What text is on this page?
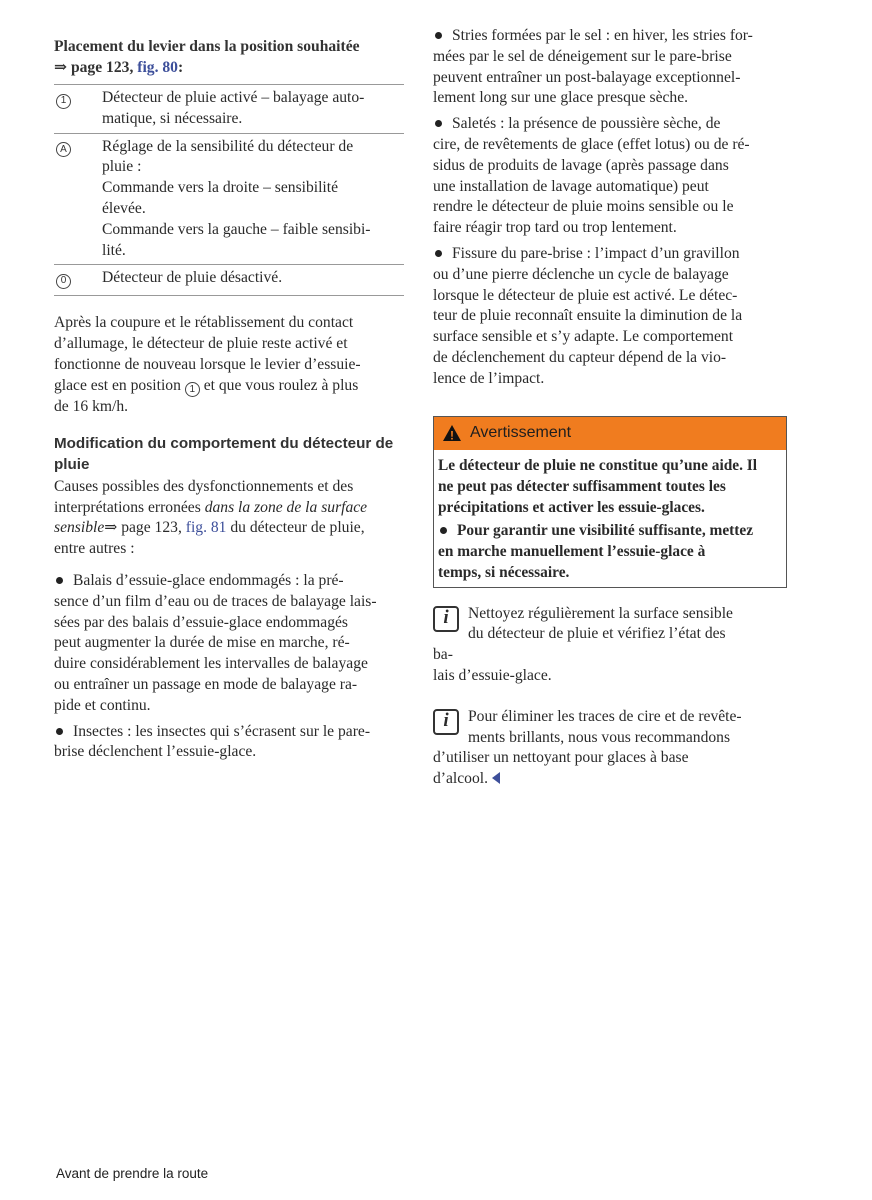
Placement du levier dans la position souhaitée
⇒ page 123, fig. 80:
1	Détecteur de pluie activé – balayage auto-
matique, si nécessaire.
A	Réglage de la sensibilité du détecteur de
pluie :
Commande vers la droite – sensibilité
élevée.
Commande vers la gauche – faible sensibi-
lité.
0	Détecteur de pluie désactivé.

Après la coupure et le rétablissement du contact
d’allumage, le détecteur de pluie reste activé et
fonctionne de nouveau lorsque le levier d’essuie-
glace est en position 1 et que vous roulez à plus
de 16 km/h.

Modification du comportement du détecteur de
pluie

Causes possibles des dysfonctionnements et des
interprétations erronées dans la zone de la surface
sensible⇒ page 123, fig. 81 du détecteur de pluie,
entre autres :

Balais d’essuie-glace endommagés : la pré-
sence d’un film d’eau ou de traces de balayage lais-
sées par des balais d’essuie-glace endommagés
peut augmenter la durée de mise en marche, ré-
duire considérablement les intervalles de balayage
ou entraîner un passage en mode de balayage ra-
pide et continu.

Insectes : les insectes qui s’écrasent sur le pare-
brise déclenchent l’essuie-glace.

Stries formées par le sel : en hiver, les stries for-
mées par le sel de déneigement sur le pare-brise
peuvent entraîner un post-balayage exceptionnel-
lement long sur une glace presque sèche.

Saletés : la présence de poussière sèche, de
cire, de revêtements de glace (effet lotus) ou de ré-
sidus de produits de lavage (après passage dans
une installation de lavage automatique) peut
rendre le détecteur de pluie moins sensible ou le
faire réagir trop tard ou trop lentement.

Fissure du pare-brise : l’impact d’un gravillon
ou d’une pierre déclenche un cycle de balayage
lorsque le détecteur de pluie est activé. Le détec-
teur de pluie reconnaît ensuite la diminution de la
surface sensible et s’y adapte. Le comportement
de déclenchement du capteur dépend de la vio-
lence de l’impact.

! Avertissement

Le détecteur de pluie ne constitue qu’une aide. Il
ne peut pas détecter suffisamment toutes les
précipitations et activer les essuie-glaces.

Pour garantir une visibilité suffisante, mettez
en marche manuellement l’essuie-glace à
temps, si nécessaire.

i	Nettoyez régulièrement la surface sensible
du détecteur de pluie et vérifiez l’état des ba-
lais d’essuie-glace.

i	Pour éliminer les traces de cire et de revête-
ments brillants, nous vous recommandons
d’utiliser un nettoyant pour glaces à base
d’alcool.

Avant de prendre la route
